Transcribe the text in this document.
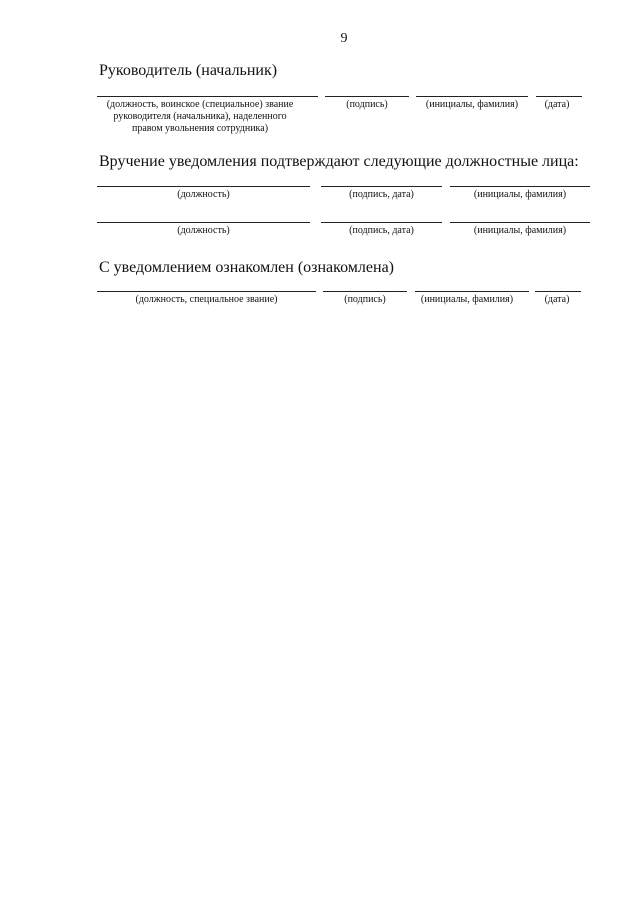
9
Руководитель (начальник)
(должность, воинское (специальное) звание
руководителя (начальника), наделенного
правом увольнения сотрудника)
(подпись)	(инициалы, фамилия)	(дата)
Вручение уведомления подтверждают следующие должностные лица:
(должность)	(подпись, дата)	(инициалы, фамилия)
(должность)	(подпись, дата)	(инициалы, фамилия)
С уведомлением ознакомлен (ознакомлена)
(должность, специальное звание)	(подпись)	(инициалы, фамилия)	(дата)
